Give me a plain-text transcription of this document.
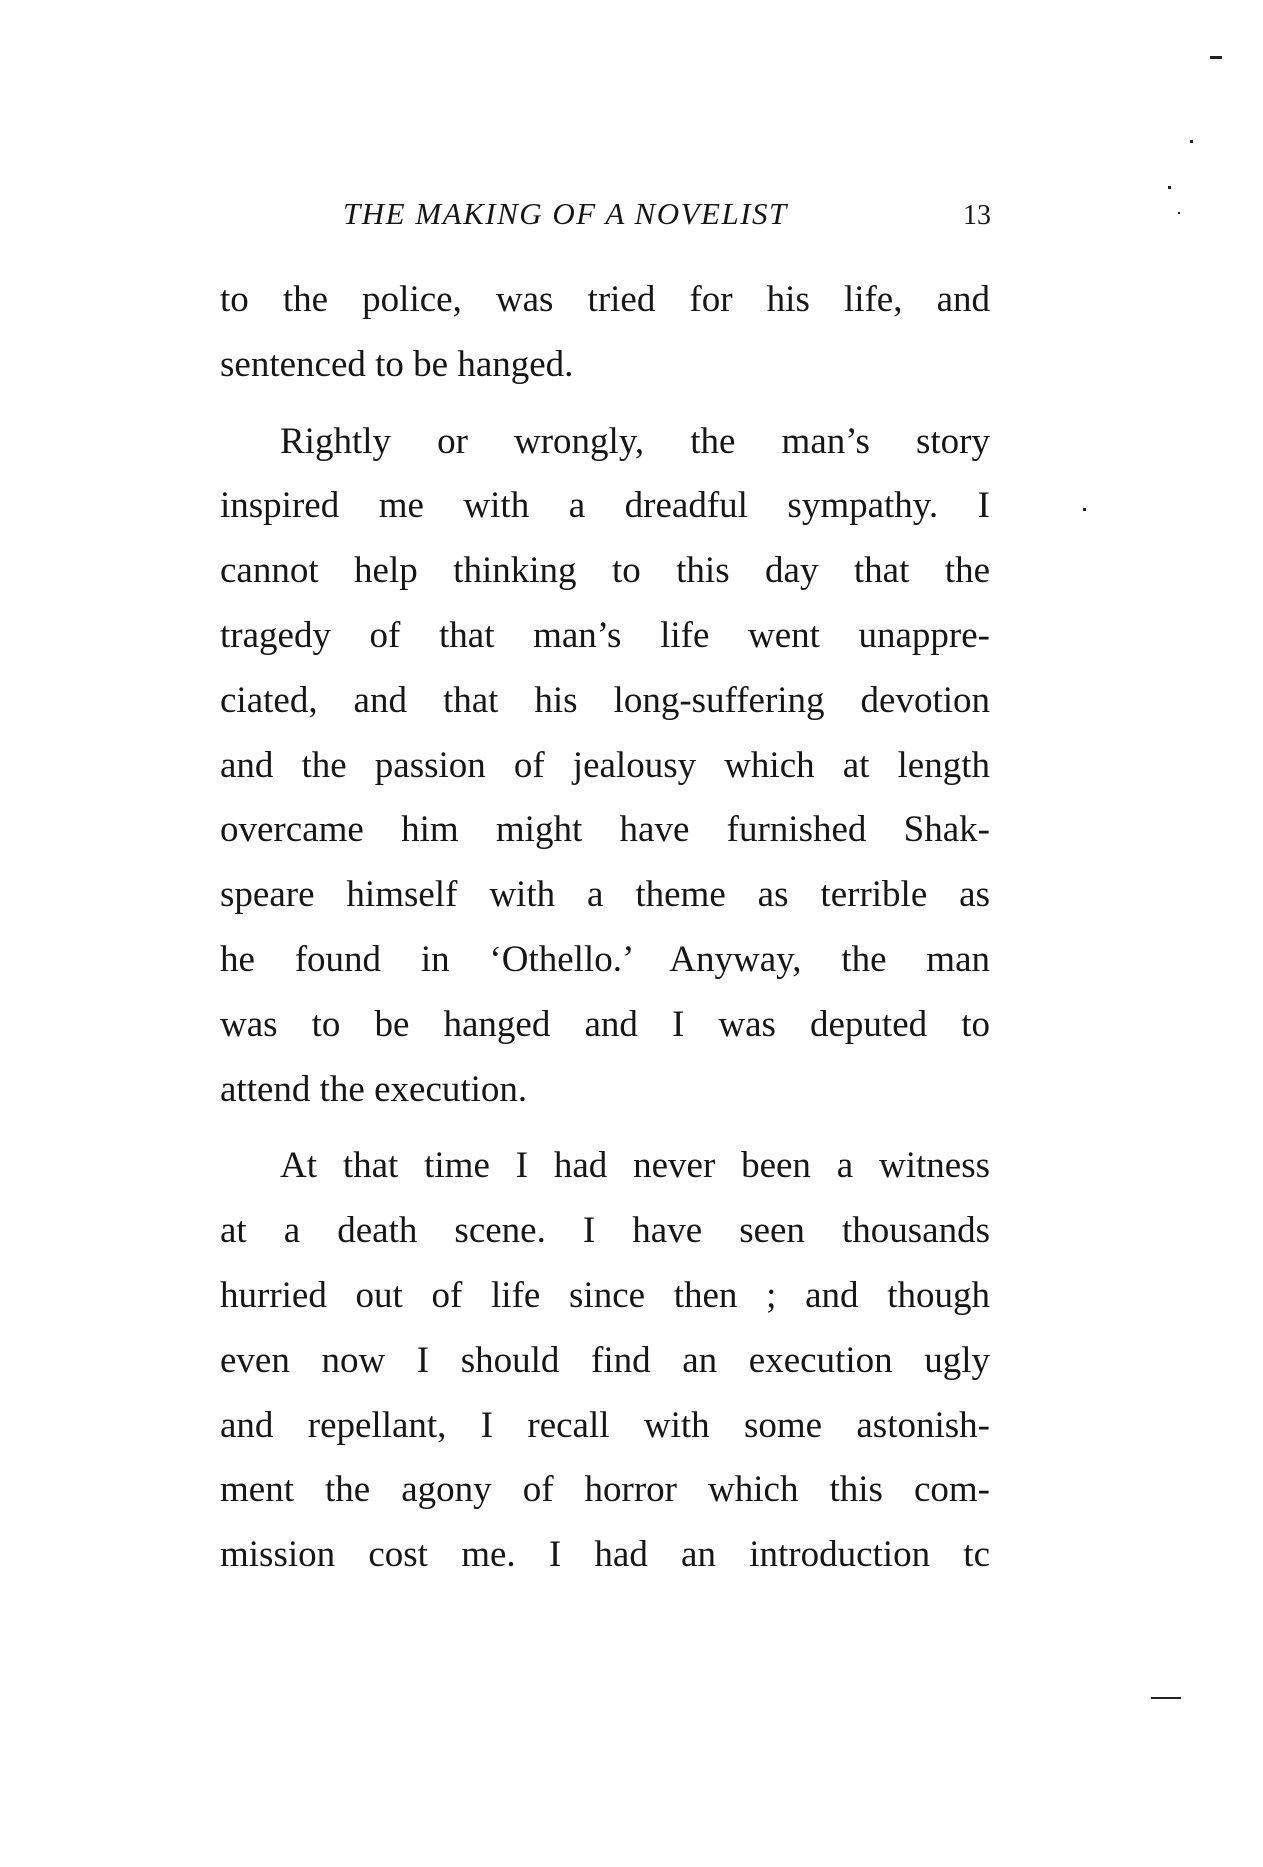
THE MAKING OF A NOVELIST	13
to the police, was tried for his life, and
sentenced to be hanged.
Rightly or wrongly, the man’s story
inspired me with a dreadful sympathy. I
cannot help thinking to this day that the
tragedy of that man’s life went unappre-
ciated, and that his long-suffering devotion
and the passion of jealousy which at length
overcame him might have furnished Shak-
speare himself with a theme as terrible as
he found in ‘Othello.’ Anyway, the man
was to be hanged and I was deputed to
attend the execution.
At that time I had never been a witness
at a death scene. I have seen thousands
hurried out of life since then ; and though
even now I should find an execution ugly
and repellant, I recall with some astonish-
ment the agony of horror which this com-
mission cost me. I had an introduction tc
